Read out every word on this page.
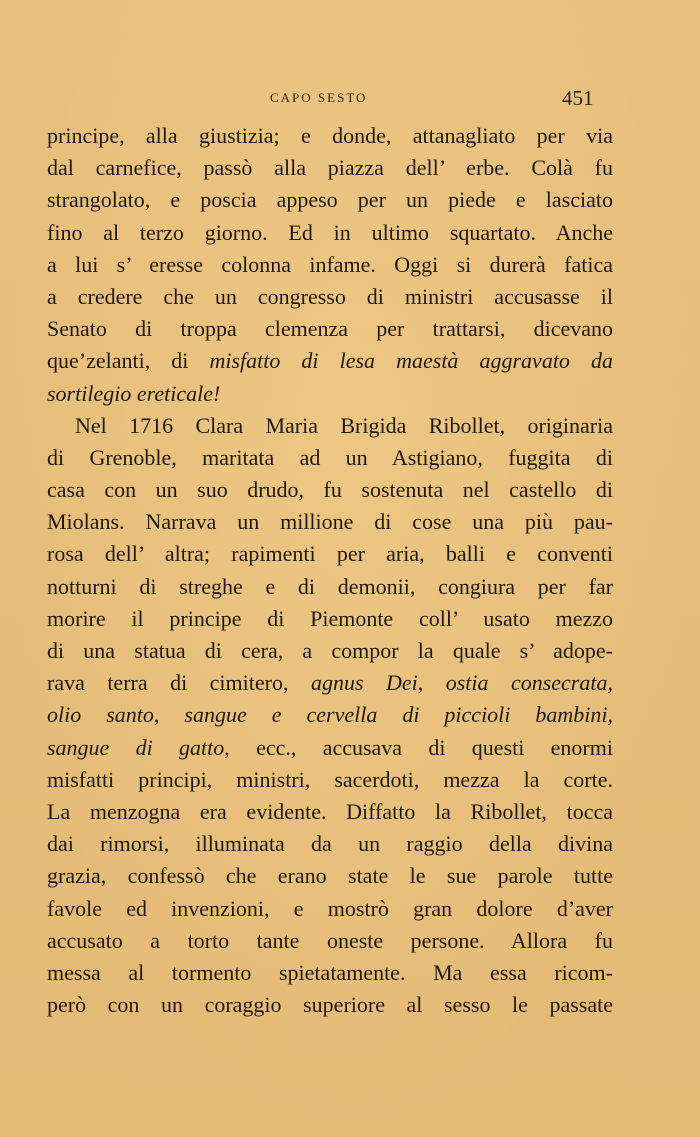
CAPO SESTO	451
principe, alla giustizia; e donde, attanagliato per via
dal carnefice, passò alla piazza dell’ erbe. Colà fu
strangolato, e poscia appeso per un piede e lasciato
fino al terzo giorno. Ed in ultimo squartato. Anche
a lui s’ eresse colonna infame. Oggi si durerà fatica
a credere che un congresso di ministri accusasse il
Senato di troppa clemenza per trattarsi, dicevano
que’zelanti, di misfatto di lesa maestà aggravato da
sortilegio ereticale!
Nel 1716 Clara Maria Brigida Ribollet, originaria
di Grenoble, maritata ad un Astigiano, fuggita di
casa con un suo drudo, fu sostenuta nel castello di
Miolans. Narrava un millione di cose una più pau-
rosa dell’ altra; rapimenti per aria, balli e conventi
notturni di streghe e di demonii, congiura per far
morire il principe di Piemonte coll’ usato mezzo
di una statua di cera, a compor la quale s’ adope-
rava terra di cimitero, agnus Dei, ostia consecrata,
olio santo, sangue e cervella di piccioli bambini,
sangue di gatto, ecc., accusava di questi enormi
misfatti principi, ministri, sacerdoti, mezza la corte.
La menzogna era evidente. Diffatto la Ribollet, tocca
dai rimorsi, illuminata da un raggio della divina
grazia, confessò che erano state le sue parole tutte
favole ed invenzioni, e mostrò gran dolore d’aver
accusato a torto tante oneste persone. Allora fu
messa al tormento spietatamente. Ma essa ricom-
però con un coraggio superiore al sesso le passate
